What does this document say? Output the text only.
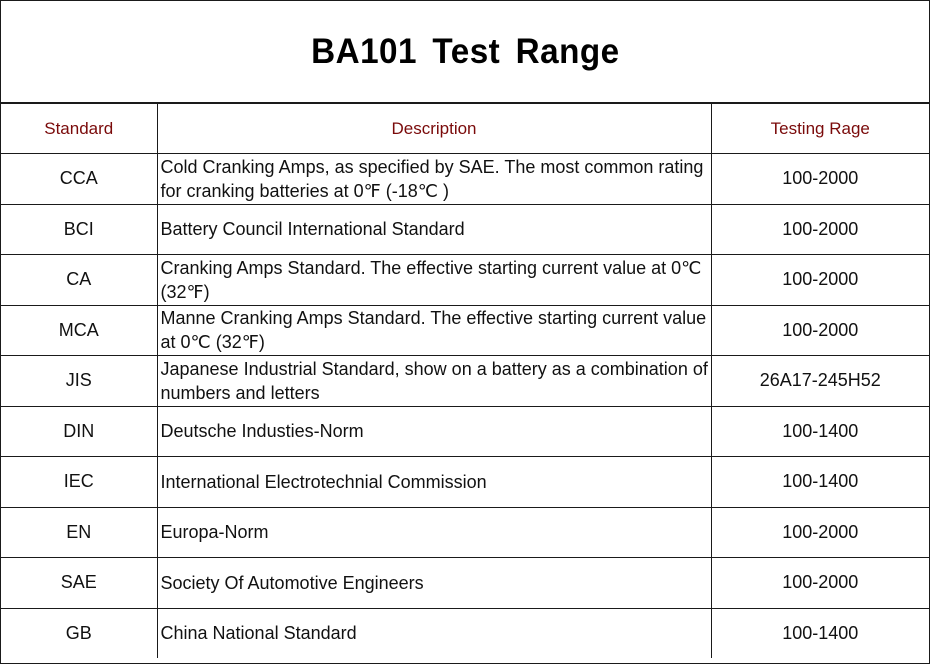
BA101 Test Range
Standard	Description	Testing Rage
CCA	Cold Cranking Amps, as specified by SAE. The most common rating for cranking batteries at 0℉ (-18℃ )	100-2000
BCI	Battery Council International Standard	100-2000
CA	Cranking Amps Standard. The effective starting current value at 0℃ (32℉)	100-2000
MCA	Manne Cranking Amps Standard. The effective starting current value at 0℃ (32℉)	100-2000
JIS	Japanese Industrial Standard, show on a battery as a combination of numbers and letters	26A17-245H52
DIN	Deutsche Industies-Norm	100-1400
IEC	International Electrotechnial Commission	100-1400
EN	Europa-Norm	100-2000
SAE	Society Of Automotive Engineers	100-2000
GB	China National Standard	100-1400
